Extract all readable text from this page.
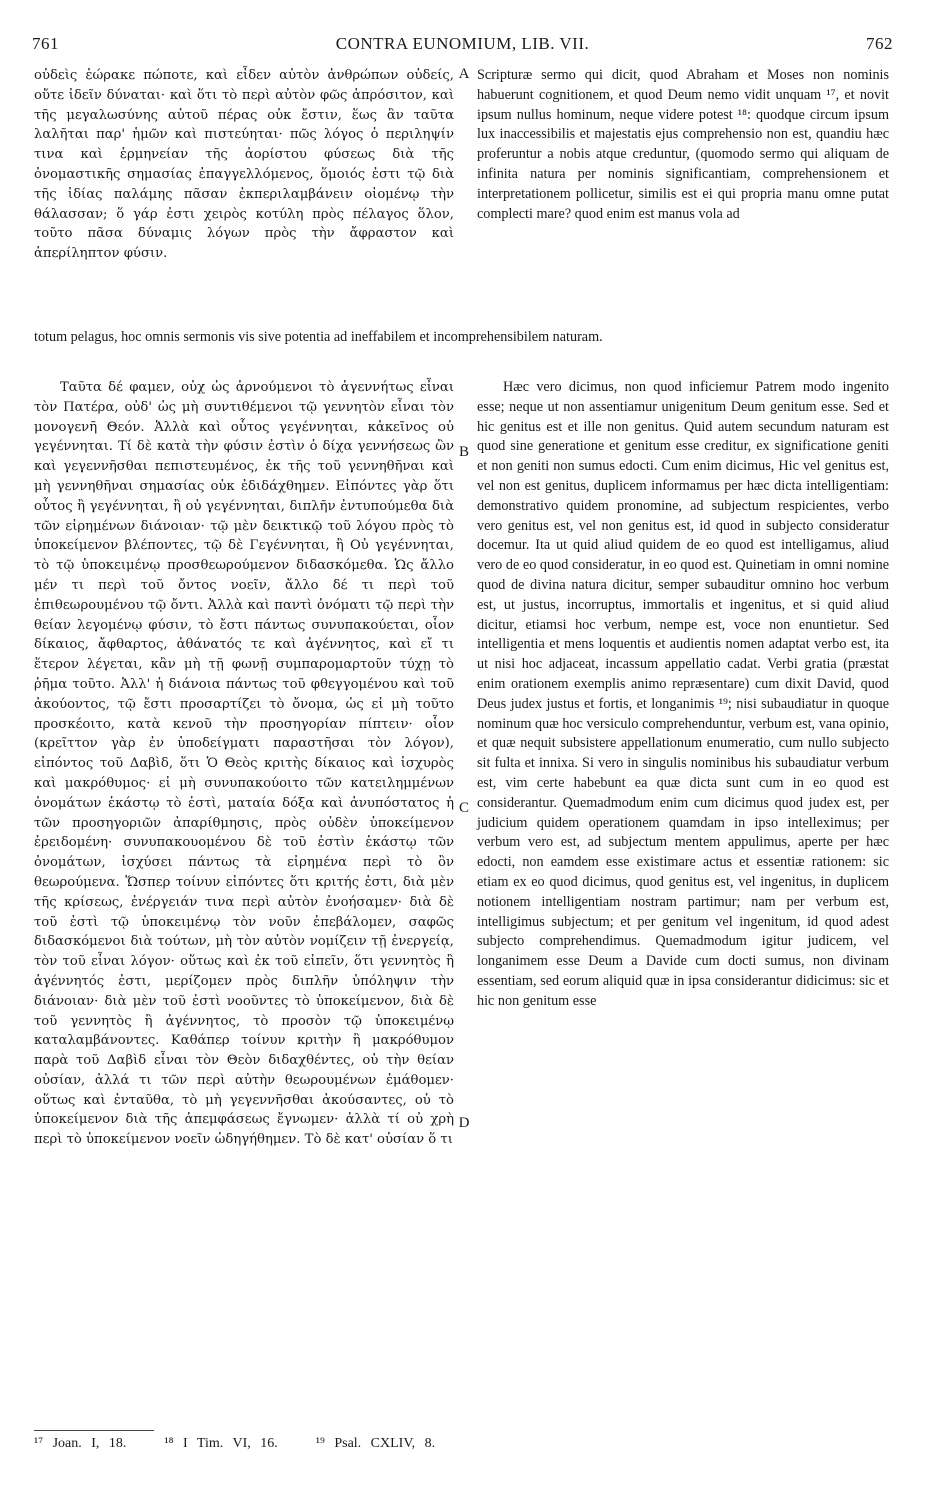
761	CONTRA EUNOMIUM, LIB. VII.	762

οὐδεὶς ἑώρακε πώποτε, καὶ εἶδεν αὐτὸν ἀνθρώπων οὐδείς, οὔτε ἰδεῖν δύναται· καὶ ὅτι τὸ περὶ αὐτὸν φῶς ἀπρόσιτον, καὶ τῆς μεγαλωσύνης αὐτοῦ πέρας οὐκ ἔστιν, ἕως ἂν ταῦτα λαλῆται παρ' ἡμῶν καὶ πιστεύηται· πῶς λόγος ὁ περιληψίν τινα καὶ ἑρμηνείαν τῆς ἀορίστου φύσεως διὰ τῆς ὀνομαστικῆς σημασίας ἐπαγγελλόμενος, ὅμοιός ἐστι τῷ διὰ τῆς ἰδίας παλάμης πᾶσαν ἐκπεριλαμβάνειν οἰομένῳ τὴν θάλασσαν; ὅ γάρ ἐστι χειρὸς κοτύλη πρὸς πέλαγος ὅλον, τοῦτο πᾶσα δύναμις λόγων πρὸς τὴν ἄφραστον καὶ ἀπερίληπτον φύσιν.

Scripturæ sermo qui dicit, quod Abraham et Moses non nominis habuerunt cognitionem, et quod Deum nemo vidit unquam ¹⁷, et novit ipsum nullus hominum, neque videre potest ¹⁸: quodque circum ipsum lux inaccessibilis et majestatis ejus comprehensio non est, quandiu hæc proferuntur a nobis atque creduntur, (quomodo sermo qui aliquam de infinita natura per nominis significantiam, comprehensionem et interpretationem pollicetur, similis est ei qui propria manu omne putat complecti mare? quod enim est manus vola ad

totum pelagus, hoc omnis sermonis vis sive potentia ad ineffabilem et incomprehensibilem naturam.

Ταῦτα δέ φαμεν, οὐχ ὡς ἀρνούμενοι τὸ ἀγεννήτως εἶναι τὸν Πατέρα, οὐδ' ὡς μὴ συντιθέμενοι τῷ γεννητὸν εἶναι τὸν μονογενῆ Θεόν. Ἀλλὰ καὶ οὗτος γεγέννηται, κἀκεῖνος οὐ γεγέννηται. Τί δὲ κατὰ τὴν φύσιν ἐστὶν ὁ δίχα γεννήσεως ὢν καὶ γεγεννῆσθαι πεπιστευμένος, ἐκ τῆς τοῦ γεννηθῆναι καὶ μὴ γεννηθῆναι σημασίας οὐκ ἐδιδάχθημεν. Εἰπόντες γὰρ ὅτι οὗτος ἢ γεγέννηται, ἢ οὐ γεγέννηται, διπλῆν ἐντυπούμεθα διὰ τῶν εἰρημένων διάνοιαν· τῷ μὲν δεικτικῷ τοῦ λόγου πρὸς τὸ ὑποκείμενον βλέποντες, τῷ δὲ Γεγέννηται, ἢ Οὐ γεγέννηται, τὸ τῷ ὑποκειμένῳ προσθεωρούμενον διδασκόμεθα. Ὡς ἄλλο μέν τι περὶ τοῦ ὄντος νοεῖν, ἄλλο δέ τι περὶ τοῦ ἐπιθεωρουμένου τῷ ὄντι. Ἀλλὰ καὶ παντὶ ὀνόματι τῷ περὶ τὴν θείαν λεγομένῳ φύσιν, τὸ ἔστι πάντως συνυπακούεται, οἷον δίκαιος, ἄφθαρτος, ἀθάνατός τε καὶ ἀγέννητος, καὶ εἴ τι ἕτερον λέγεται, κἂν μὴ τῇ φωνῇ συμπαρομαρτοῦν τύχῃ τὸ ῥῆμα τοῦτο. Ἀλλ' ἡ διάνοια πάντως τοῦ φθεγγομένου καὶ τοῦ ἀκούοντος, τῷ ἔστι προσαρτίζει τὸ ὄνομα, ὡς εἰ μὴ τοῦτο προσκέοιτο, κατὰ κενοῦ τὴν προσηγορίαν πίπτειν· οἷον (κρεῖττον γὰρ ἐν ὑποδείγματι παραστῆσαι τὸν λόγον), εἰπόντος τοῦ Δαβὶδ, ὅτι Ὁ Θεὸς κριτὴς δίκαιος καὶ ἰσχυρὸς καὶ μακρόθυμος· εἰ μὴ συνυπακούοιτο τῶν κατειλημμένων ὀνομάτων ἑκάστῳ τὸ ἐστὶ, ματαία δόξα καὶ ἀνυπόστατος ἡ τῶν προσηγοριῶν ἀπαρίθμησις, πρὸς οὐδὲν ὑποκείμενον ἐρειδομένη· συνυπακουομένου δὲ τοῦ ἐστὶν ἑκάστῳ τῶν ὀνομάτων, ἰσχύσει πάντως τὰ εἰρημένα περὶ τὸ ὂν θεωρούμενα. Ὥσπερ τοίνυν εἰπόντες ὅτι κριτής ἐστι, διὰ μὲν τῆς κρίσεως, ἐνέργειάν τινα περὶ αὐτὸν ἐνοήσαμεν· διὰ δὲ τοῦ ἐστὶ τῷ ὑποκειμένῳ τὸν νοῦν ἐπεβάλομεν, σαφῶς διδασκόμενοι διὰ τούτων, μὴ τὸν αὐτὸν νομίζειν τῇ ἐνεργείᾳ, τὸν τοῦ εἶναι λόγον· οὕτως καὶ ἐκ τοῦ εἰπεῖν, ὅτι γεννητὸς ἢ ἀγέννητός ἐστι, μερίζομεν πρὸς διπλῆν ὑπόληψιν τὴν διάνοιαν· διὰ μὲν τοῦ ἐστὶ νοοῦντες τὸ ὑποκείμενον, διὰ δὲ τοῦ γεννητὸς ἢ ἀγέννητος, τὸ προσὸν τῷ ὑποκειμένῳ καταλαμβάνοντες. Καθάπερ τοίνυν κριτὴν ἢ μακρόθυμον παρὰ τοῦ Δαβὶδ εἶναι τὸν Θεὸν διδαχθέντες, οὐ τὴν θείαν οὐσίαν, ἀλλά τι τῶν περὶ αὐτὴν θεωρουμένων ἐμάθομεν· οὕτως καὶ ἐνταῦθα, τὸ μὴ γεγεννῆσθαι ἀκούσαντες, οὐ τὸ ὑποκείμενον διὰ τῆς ἀπεμφάσεως ἔγνωμεν· ἀλλὰ τί οὐ χρὴ περὶ τὸ ὑποκείμενον νοεῖν ὡδηγήθημεν. Τὸ δὲ κατ' οὐσίαν ὅ τι

Hæc vero dicimus, non quod inficiemur Patrem modo ingenito esse; neque ut non assentiamur unigenitum Deum genitum esse. Sed et hic genitus est et ille non genitus. Quid autem secundum naturam est quod sine generatione et genitum esse creditur, ex significatione geniti et non geniti non sumus edocti. Cum enim dicimus, Hic vel genitus est, vel non est genitus, duplicem informamus per hæc dicta intelligentiam: demonstrativo quidem pronomine, ad subjectum respicientes, verbo vero genitus est, vel non genitus est, id quod in subjecto consideratur docemur. Ita ut quid aliud quidem de eo quod est intelligamus, aliud vero de eo quod consideratur, in eo quod est. Quinetiam in omni nomine quod de divina natura dicitur, semper subauditur omnino hoc verbum est, ut justus, incorruptus, immortalis et ingenitus, et si quid aliud dicitur, etiamsi hoc verbum, nempe est, voce non enuntietur. Sed intelligentia et mens loquentis et audientis nomen adaptat verbo est, ita ut nisi hoc adjaceat, incassum appellatio cadat. Verbi gratia (præstat enim orationem exemplis animo repræsentare) cum dixit David, quod Deus judex justus et fortis, et longanimis ¹⁹; nisi subaudiatur in quoque nominum quæ hoc versiculo comprehenduntur, verbum est, vana opinio, et quæ nequit subsistere appellationum enumeratio, cum nullo subjecto sit fulta et innixa. Si vero in singulis nominibus his subaudiatur verbum est, vim certe habebunt ea quæ dicta sunt cum in eo quod est considerantur. Quemadmodum enim cum dicimus quod judex est, per judicium quidem operationem quamdam in ipso intelleximus; per verbum vero est, ad subjectum mentem appulimus, aperte per hæc edocti, non eamdem esse existimare actus et essentiæ rationem: sic etiam ex eo quod dicimus, quod genitus est, vel ingenitus, in duplicem notionem intelligentiam nostram partimur; nam per verbum est, intelligimus subjectum; et per genitum vel ingenitum, id quod adest subjecto comprehendimus. Quemadmodum igitur judicem, vel longanimem esse Deum a Davide cum docti sumus, non divinam essentiam, sed eorum aliquid quæ in ipsa considerantur didicimus: sic et hic non genitum esse

A
B
C
D
¹⁷ Joan. I, 18.	¹⁸ I Tim. VI, 16.	¹⁹ Psal. CXLIV, 8.
